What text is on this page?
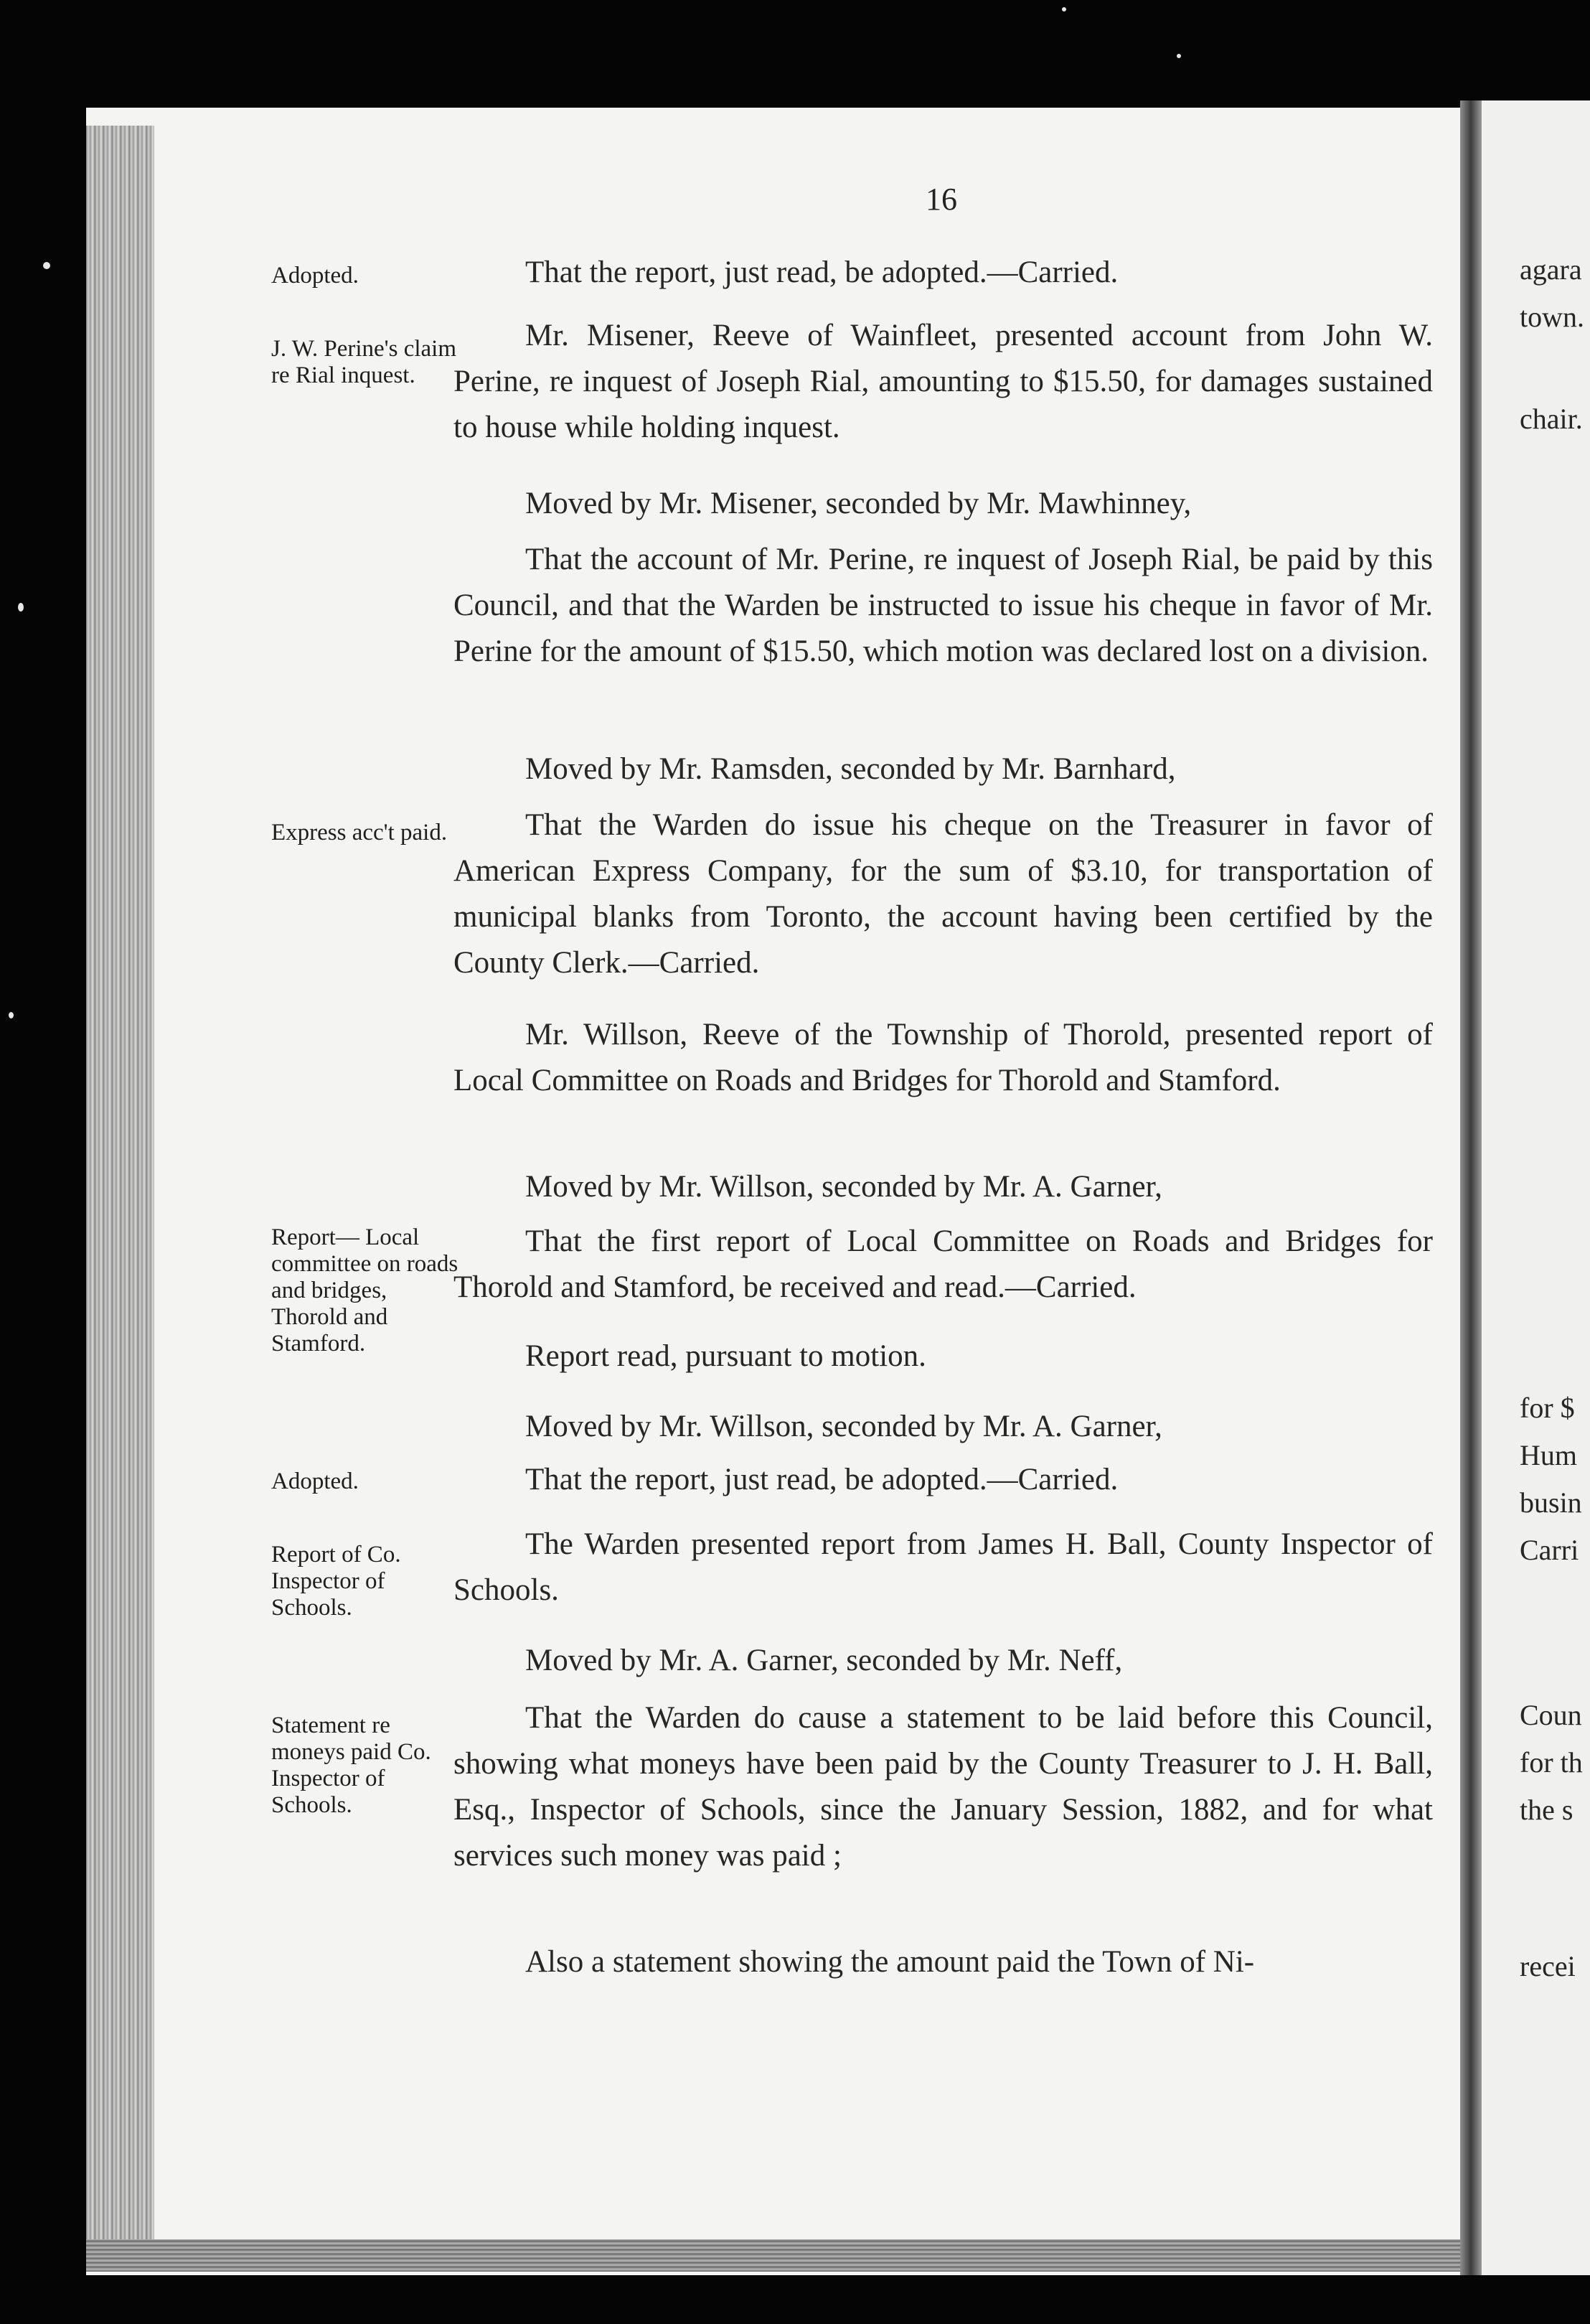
16
Adopted.
J. W. Perine's claim re Rial inquest.
Express acc't paid.
Report— Local committee on roads and bridges, Thorold and Stamford.
Adopted.
Report of Co. Inspector of Schools.
Statement re moneys paid Co. Inspector of Schools.
That the report, just read, be adopted.—Carried.
Mr. Misener, Reeve of Wainfleet, presented account from John W. Perine, re inquest of Joseph Rial, amounting to $15.50, for damages sustained to house while holding inquest.
Moved by Mr. Misener, seconded by Mr. Mawhinney,
That the account of Mr. Perine, re inquest of Joseph Rial, be paid by this Council, and that the Warden be instructed to issue his cheque in favor of Mr. Perine for the amount of $15.50, which motion was declared lost on a division.
Moved by Mr. Ramsden, seconded by Mr. Barnhard,
That the Warden do issue his cheque on the Treasurer in favor of American Express Company, for the sum of $3.10, for transportation of municipal blanks from Toronto, the account having been certified by the County Clerk.—Carried.
Mr. Willson, Reeve of the Township of Thorold, presented report of Local Committee on Roads and Bridges for Thorold and Stamford.
Moved by Mr. Willson, seconded by Mr. A. Garner,
That the first report of Local Committee on Roads and Bridges for Thorold and Stamford, be received and read.—Carried.
Report read, pursuant to motion.
Moved by Mr. Willson, seconded by Mr. A. Garner,
That the report, just read, be adopted.—Carried.
The Warden presented report from James H. Ball, County Inspector of Schools.
Moved by Mr. A. Garner, seconded by Mr. Neff,
That the Warden do cause a statement to be laid before this Council, showing what moneys have been paid by the County Treasurer to J. H. Ball, Esq., Inspector of Schools, since the January Session, 1882, and for what services such money was paid ;
Also a statement showing the amount paid the Town of Ni-
agara
town.
chair.
for $
Hum
busin
Carri
Coun
for th
the s
recei
